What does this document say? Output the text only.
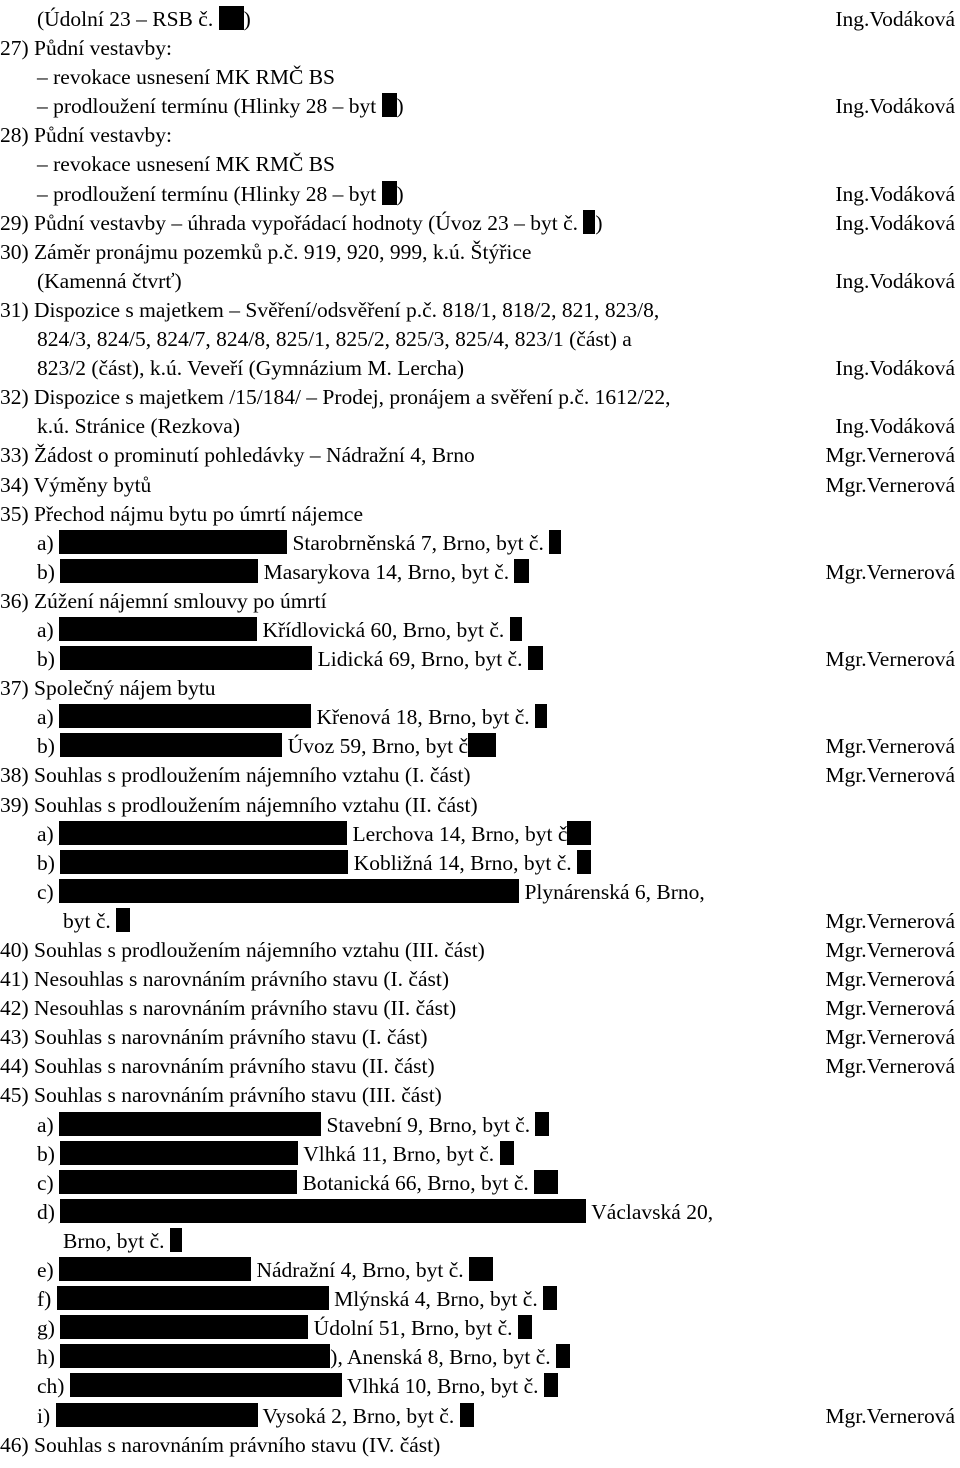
(Údolní 23 – RSB č. )	Ing.Vodáková
27) Půdní vestavby:
– revokace usnesení MK RMČ BS
– prodloužení termínu (Hlinky 28 – byt )	Ing.Vodáková
28) Půdní vestavby:
– revokace usnesení MK RMČ BS
– prodloužení termínu (Hlinky 28 – byt )	Ing.Vodáková
29) Půdní vestavby – úhrada vypořádací hodnoty (Úvoz 23 – byt č. )	Ing.Vodáková
30) Záměr pronájmu pozemků p.č. 919, 920, 999, k.ú. Štýřice
(Kamenná čtvrť)	Ing.Vodáková
31) Dispozice s majetkem – Svěření/odsvěření p.č. 818/1, 818/2, 821, 823/8,
824/3, 824/5, 824/7, 824/8, 825/1, 825/2, 825/3, 825/4, 823/1 (část) a
823/2 (část), k.ú. Veveří (Gymnázium M. Lercha)	Ing.Vodáková
32) Dispozice s majetkem /15/184/ – Prodej, pronájem a svěření p.č. 1612/22,
k.ú. Stránice (Rezkova)	Ing.Vodáková
33) Žádost o prominutí pohledávky – Nádražní 4, Brno	Mgr.Vernerová
34) Výměny bytů	Mgr.Vernerová
35) Přechod nájmu bytu po úmrtí nájemce
a)	Starobrněnská 7, Brno, byt č.
b)	Masarykova 14, Brno, byt č.	Mgr.Vernerová
36) Zúžení nájemní smlouvy po úmrtí
a)	Křídlovická 60, Brno, byt č.
b)	Lidická 69, Brno, byt č.	Mgr.Vernerová
37) Společný nájem bytu
a)	Křenová 18, Brno, byt č.
b)	Úvoz 59, Brno, byt č	Mgr.Vernerová
38) Souhlas s prodloužením nájemního vztahu (I. část)	Mgr.Vernerová
39) Souhlas s prodloužením nájemního vztahu (II. část)
a)	Lerchova 14, Brno, byt č
b)	Kobližná 14, Brno, byt č.
c)	Plynárenská 6, Brno,
byt č.	Mgr.Vernerová
40) Souhlas s prodloužením nájemního vztahu (III. část)	Mgr.Vernerová
41) Nesouhlas s narovnáním právního stavu (I. část)	Mgr.Vernerová
42) Nesouhlas s narovnáním právního stavu (II. část)	Mgr.Vernerová
43) Souhlas s narovnáním právního stavu (I. část)	Mgr.Vernerová
44) Souhlas s narovnáním právního stavu (II. část)	Mgr.Vernerová
45) Souhlas s narovnáním právního stavu (III. část)
a)	Stavební 9, Brno, byt č.
b)	Vlhká 11, Brno, byt č.
c)	Botanická 66, Brno, byt č.
d)	Václavská 20,
Brno, byt č.
e)	Nádražní 4, Brno, byt č.
f)	Mlýnská 4, Brno, byt č.
g)	Údolní 51, Brno, byt č.
h)	), Anenská 8, Brno, byt č.
ch)	Vlhká 10, Brno, byt č.
i)	Vysoká 2, Brno, byt č.	Mgr.Vernerová
46) Souhlas s narovnáním právního stavu (IV. část)
